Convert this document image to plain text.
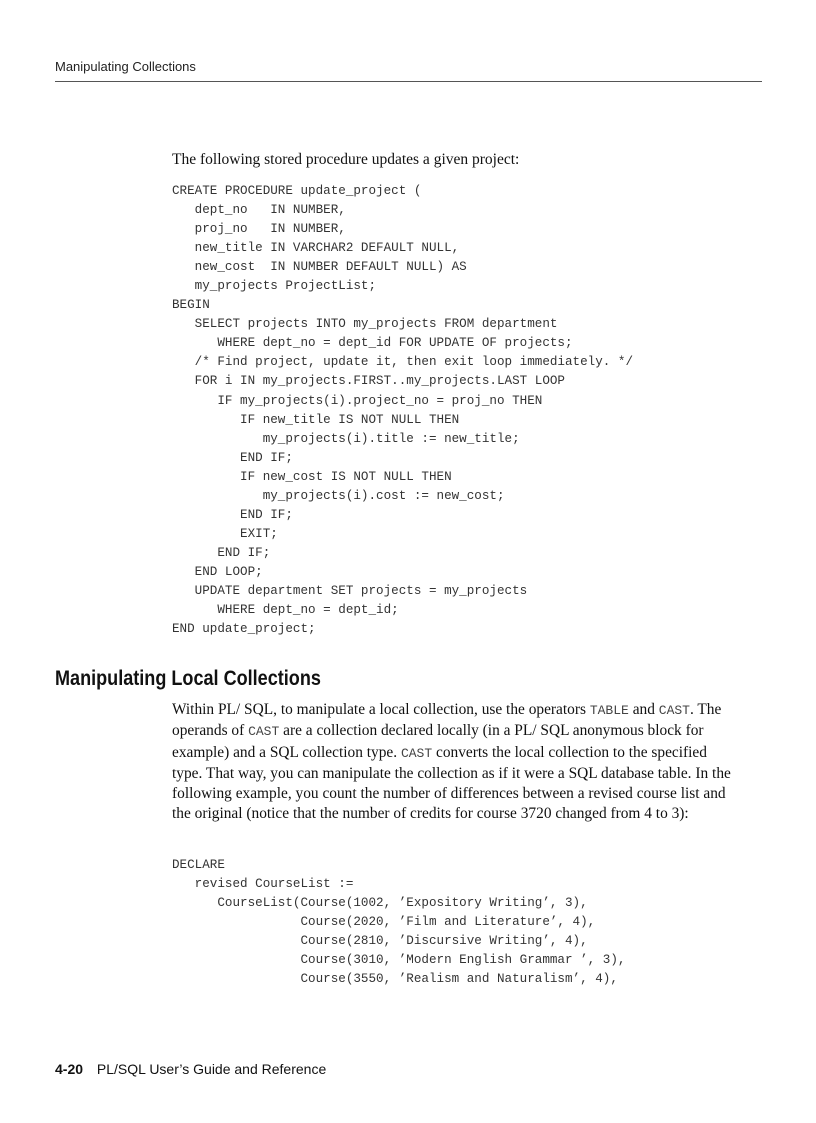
Manipulating Collections

The following stored procedure updates a given project:

CREATE PROCEDURE update_project (
dept_no   IN NUMBER,
proj_no   IN NUMBER,
new_title IN VARCHAR2 DEFAULT NULL,
new_cost  IN NUMBER DEFAULT NULL) AS
my_projects ProjectList;
BEGIN
SELECT projects INTO my_projects FROM department
WHERE dept_no = dept_id FOR UPDATE OF projects;
/* Find project, update it, then exit loop immediately. */
FOR i IN my_projects.FIRST..my_projects.LAST LOOP
IF my_projects(i).project_no = proj_no THEN
IF new_title IS NOT NULL THEN
my_projects(i).title := new_title;
END IF;
IF new_cost IS NOT NULL THEN
my_projects(i).cost := new_cost;
END IF;
EXIT;
END IF;
END LOOP;
UPDATE department SET projects = my_projects
WHERE dept_no = dept_id;
END update_project;
Manipulating Local Collections

Within PL/ SQL, to manipulate a local collection, use the operators TABLE and CAST. The operands of CAST are a collection declared locally (in a PL/ SQL anonymous block for example) and a SQL collection type. CAST converts the local collection to the specified type. That way, you can manipulate the collection as if it were a SQL database table. In the following example, you count the number of differences between a revised course list and the original (notice that the number of credits for course 3720 changed from 4 to 3):

DECLARE
revised CourseList :=
CourseList(Course(1002, ’Expository Writing’, 3),
Course(2020, ’Film and Literature’, 4),
Course(2810, ’Discursive Writing’, 4),
Course(3010, ’Modern English Grammar ’, 3),
Course(3550, ’Realism and Naturalism’, 4),
4-20 PL/SQL User’s Guide and Reference
